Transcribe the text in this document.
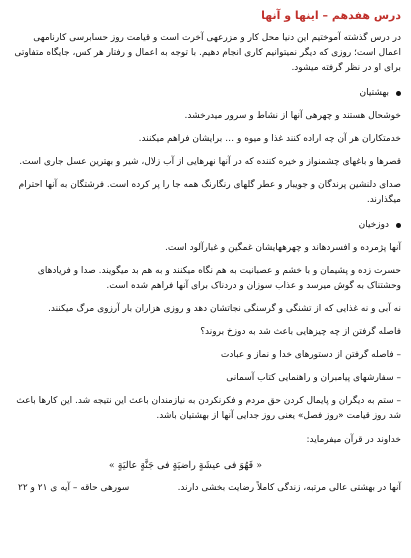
درس هفدهم – اینها و آنها

در درس گذشته آموختیم این دنیا محل کار و مزرعهی آخرت است و قیامت روز حسابرسی کارنامهی اعمال است؛ روزی که دیگر نمیتوانیم کاری انجام دهیم. با توجه به اعمال و رفتار هر کس، جایگاه متفاوتی برای او در نظر گرفته میشود.

بهشتیان

خوشحال هستند و چهرهی آنها از نشاط و سرور میدرخشد.

خدمتکاران هر آن چه اراده کنند غذا و میوه و … برایشان فراهم میکنند.

قصرها و باغهای چشمنواز و خیره کننده که در آنها نهرهایی از آب زلال، شیر و بهترین عسل جاری است.

صدای دلنشین پرندگان و جویبار و عطر گلهای رنگارنگ همه جا را پر کرده است. فرشتگان به آنها احترام میگذارند.

دوزخیان

آنها پژمرده و افسردهاند و چهرههایشان غمگین و غبارآلود است.

حسرت زده و پشیمان و با خشم و عصبانیت به هم نگاه میکنند و به هم بد میگویند. صدا و فریادهای وحشتناک به گوش میرسد و عذاب سوزان و دردناک برای آنها فراهم شده است.

نه آبی و نه غذایی که از تشنگی و گرسنگی نجاتشان دهد و روزی هزاران بار آرزوی مرگ میکنند.

فاصله گرفتن از چه چیزهایی باعث شد به دوزخ بروند؟

– فاصله گرفتن از دستورهای خدا و نماز و عبادت

– سفارشهای پیامبران و راهنمایی کتاب آسمانی

– ستم به دیگران و پایمال کردن حق مردم و فکرنکردن به نیازمندان باعث این نتیجه شد. این کارها باعث شد روز قیامت «روز فصل» یعنی روز جدایی آنها از بهشتیان باشد.

خداوند در قرآن میفرماید:

« فَهُوَ فی عیشَةٍ راضیَةٍ فی جَنَّةٍ عالیَةٍ »
آنها در بهشتی عالی مرتبه، زندگی کاملاً رضایت بخشی دارند.
سورهی حاقه – آیه ی ۲۱ و ۲۲
